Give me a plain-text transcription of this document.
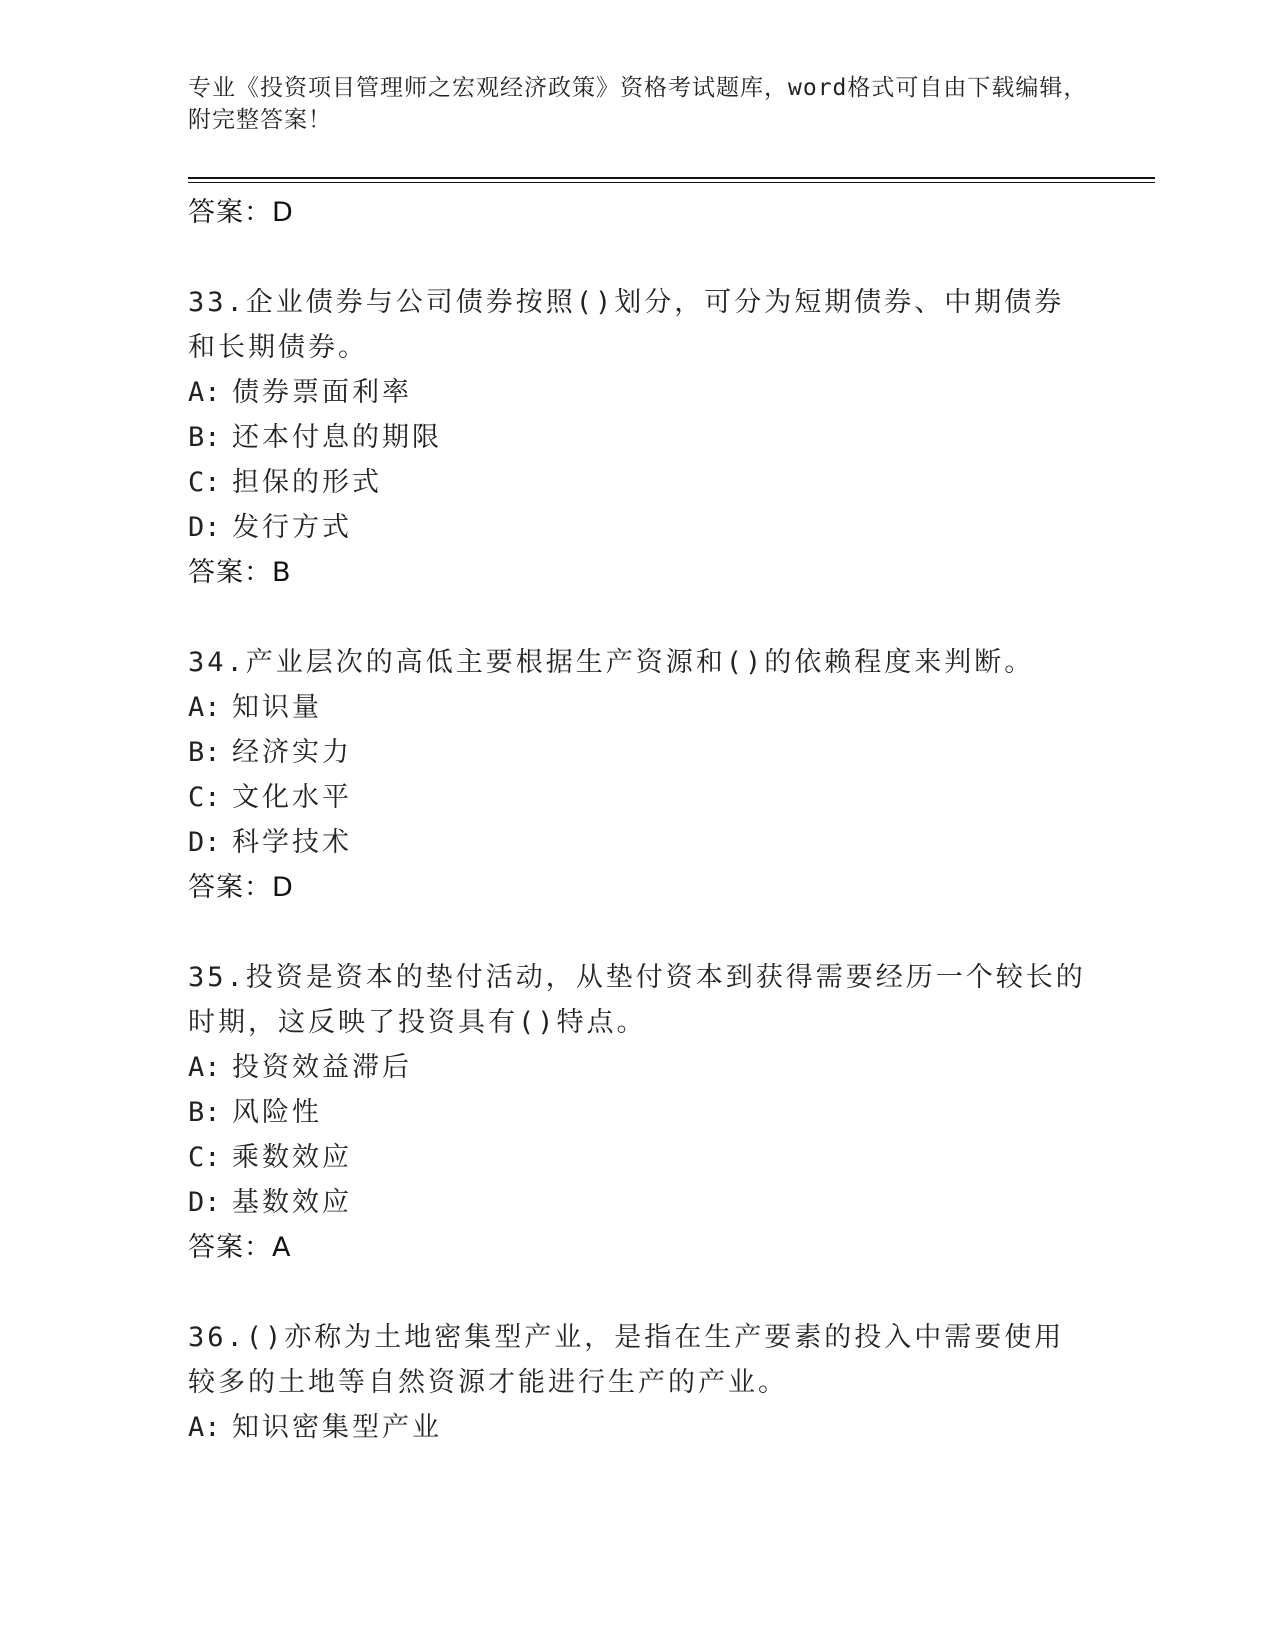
专业《投资项目管理师之宏观经济政策》资格考试题库，word格式可自由下载编辑，附完整答案！
答案：D
33.企业债券与公司债券按照()划分，可分为短期债券、中期债券和长期债券。
A: 债券票面利率
B: 还本付息的期限
C: 担保的形式
D: 发行方式
答案：B
34.产业层次的高低主要根据生产资源和()的依赖程度来判断。
A: 知识量
B: 经济实力
C: 文化水平
D: 科学技术
答案：D
35.投资是资本的垫付活动，从垫付资本到获得需要经历一个较长的时期，这反映了投资具有()特点。
A: 投资效益滞后
B: 风险性
C: 乘数效应
D: 基数效应
答案：A
36.()亦称为土地密集型产业，是指在生产要素的投入中需要使用较多的土地等自然资源才能进行生产的产业。
A: 知识密集型产业
